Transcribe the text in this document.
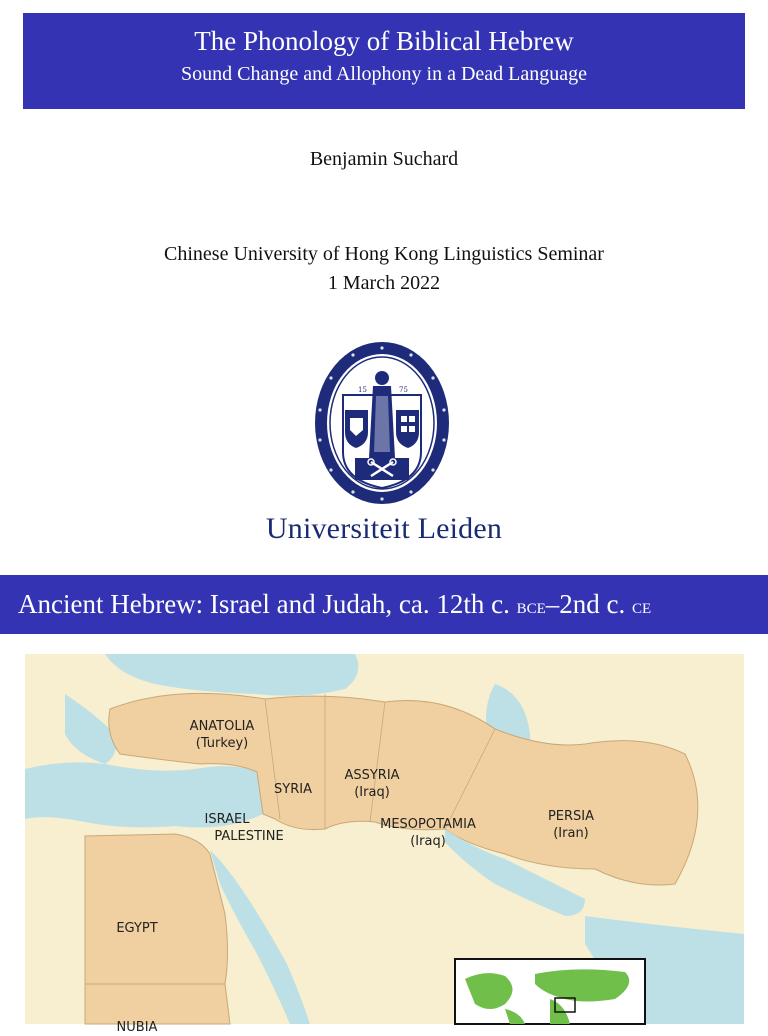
The Phonology of Biblical Hebrew
Sound Change and Allophony in a Dead Language
Benjamin Suchard
Chinese University of Hong Kong Linguistics Seminar
1 March 2022
15	75
Universiteit Leiden
Ancient Hebrew: Israel and Judah, ca. 12th c. bce–2nd c. ce
ANATOLIA
(Turkey)
SYRIA
ASSYRIA
(Iraq)
ISRAEL
PALESTINE
MESOPOTAMIA
(Iraq)
PERSIA
(Iran)
EGYPT
NUBIA
